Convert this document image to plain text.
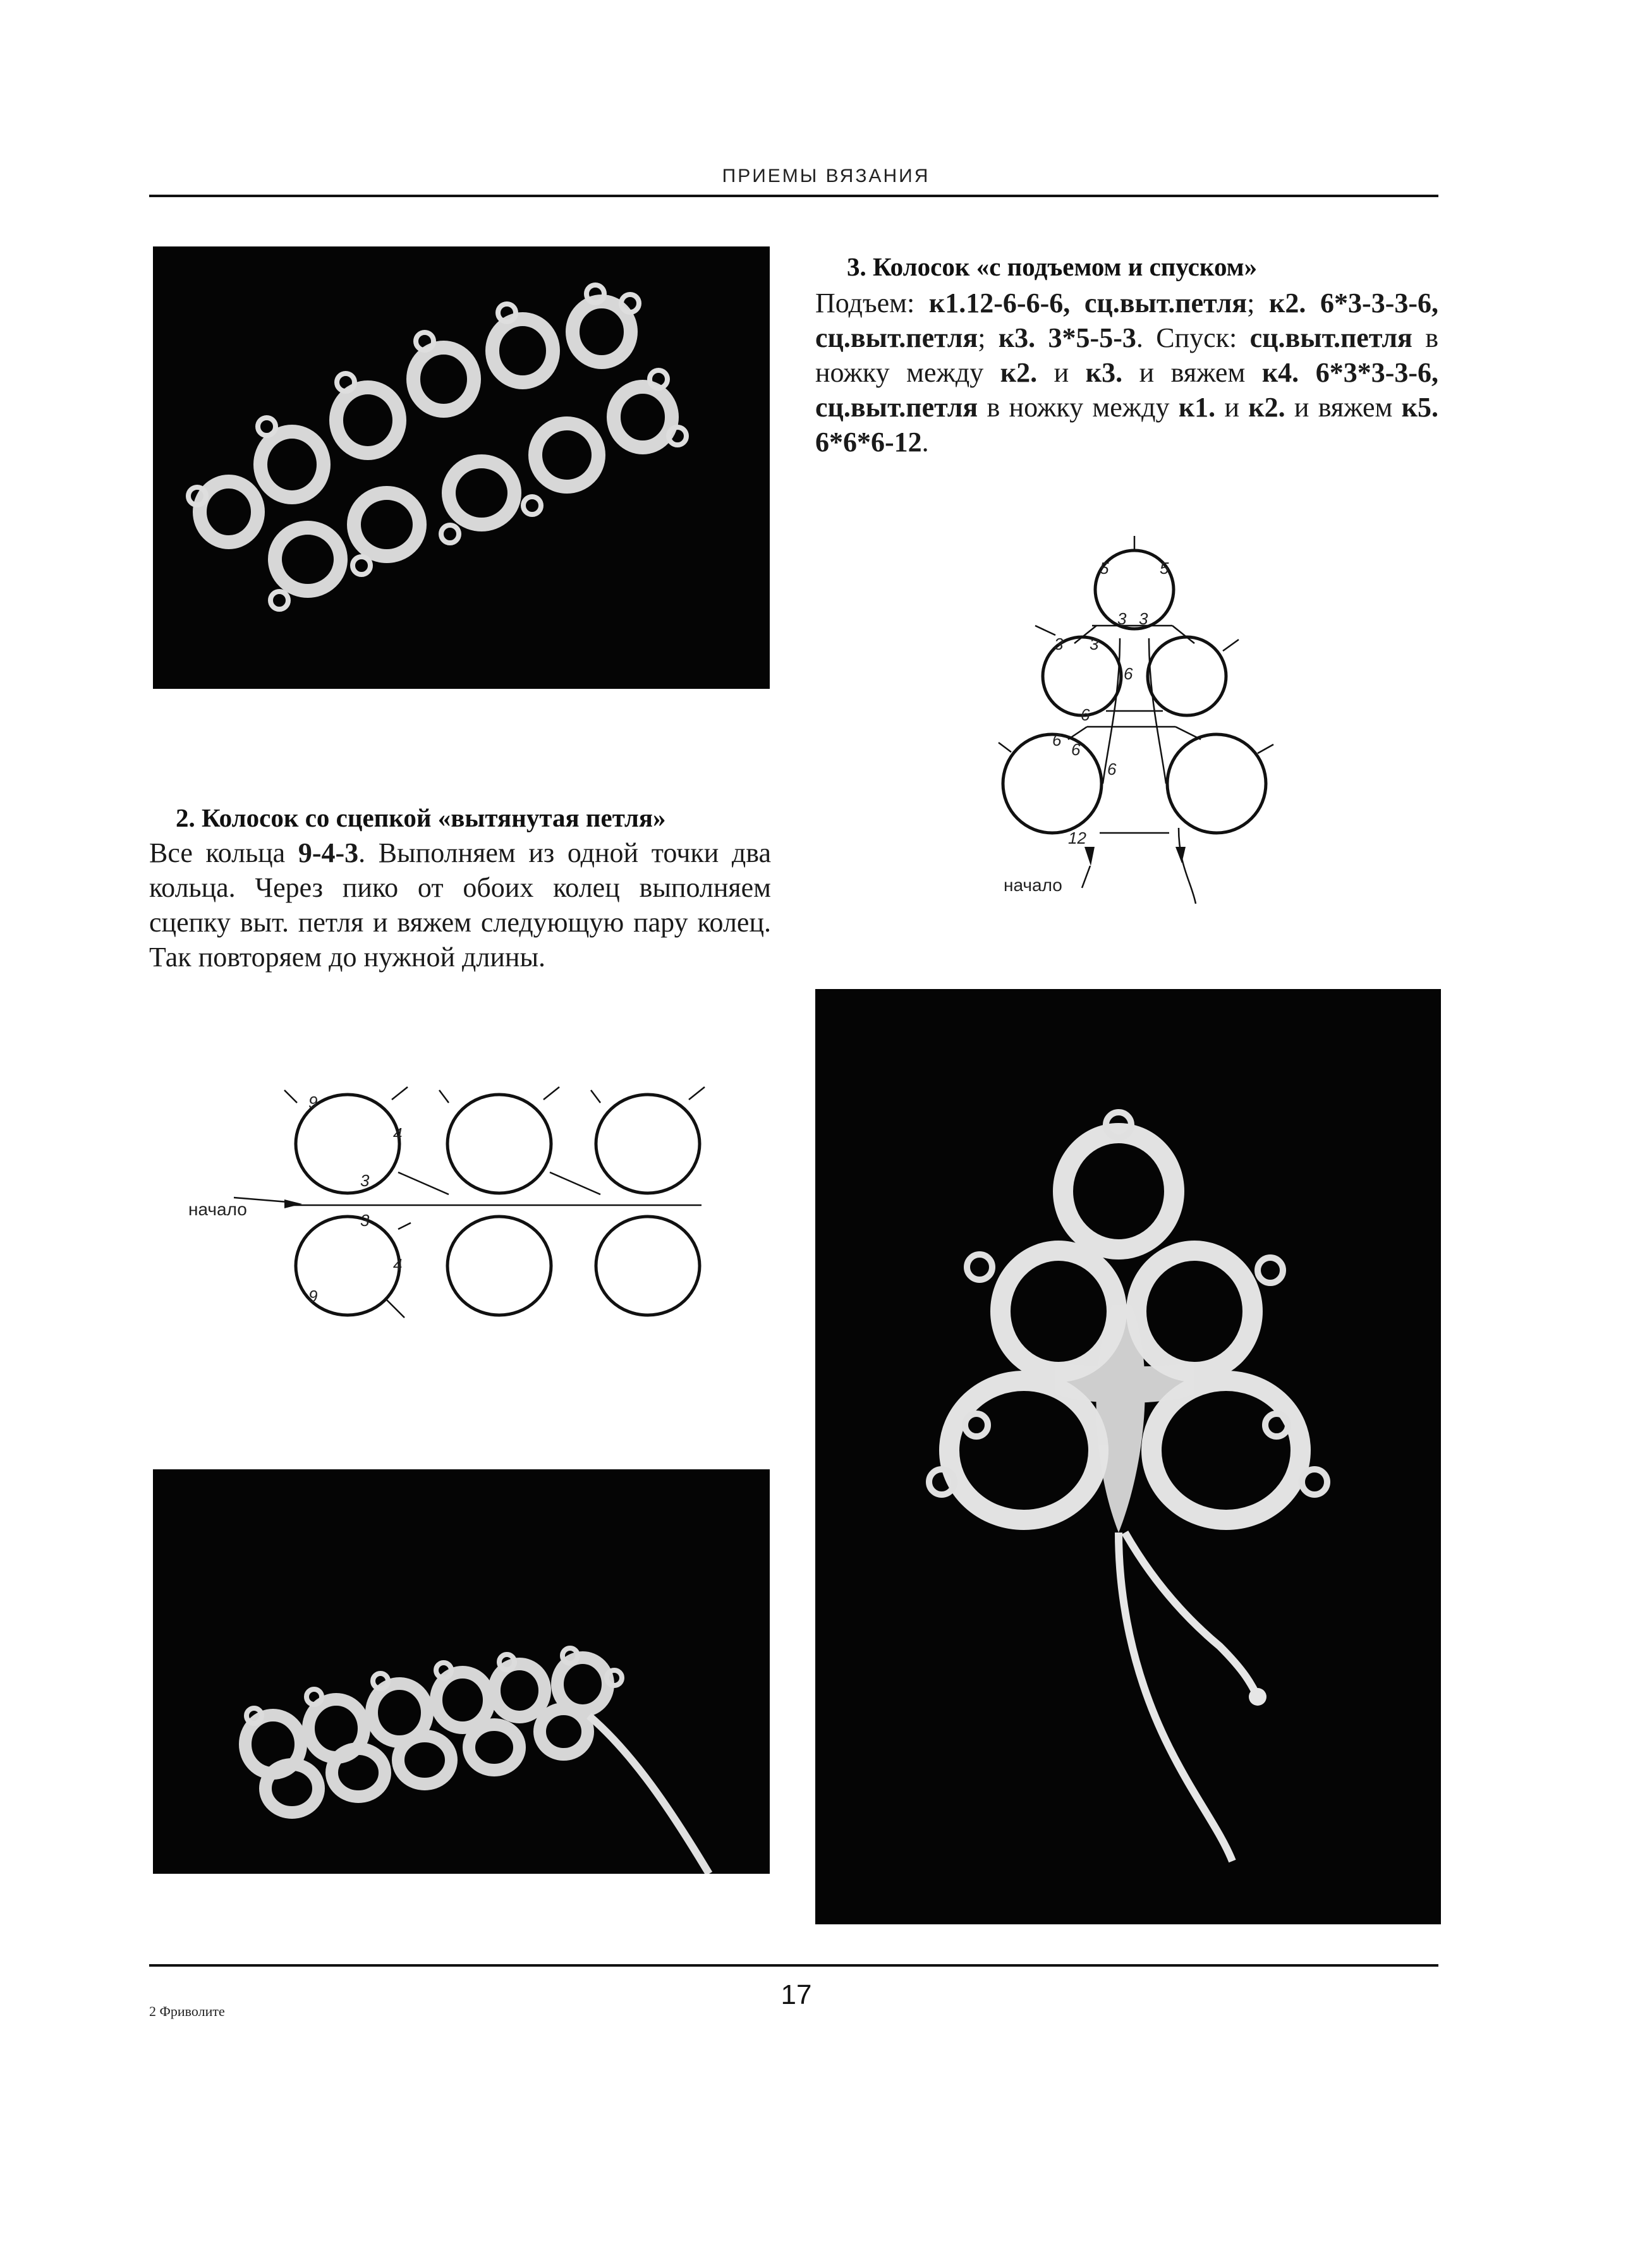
ПРИЕМЫ ВЯЗАНИЯ
3. Колосок «с подъемом и спуском»
Подъем: к1.12-6-6-6, сц.выт.петля; к2. 6*3-3-3-6, сц.выт.петля; к3. 3*5-5-3. Спуск: сц.выт.петля в ножку между к2. и к3. и вяжем к4. 6*3*3-3-6, сц.выт.петля в ножку между к1. и к2. и вяжем к5. 6*6*6-12.
5	5
3 3
3 3
6
6
6 6
6
12
начало
2. Колосок со сцепкой «вытянутая петля»
Все кольца 9-4-3. Выполняем из одной точки два кольца. Через пико от обоих колец выполняем сцепку выт. петля и вяжем следующую пару колец. Так повторяем до нужной длины.
9
4
3
3
4
9
начало
2 Фриволите
17
